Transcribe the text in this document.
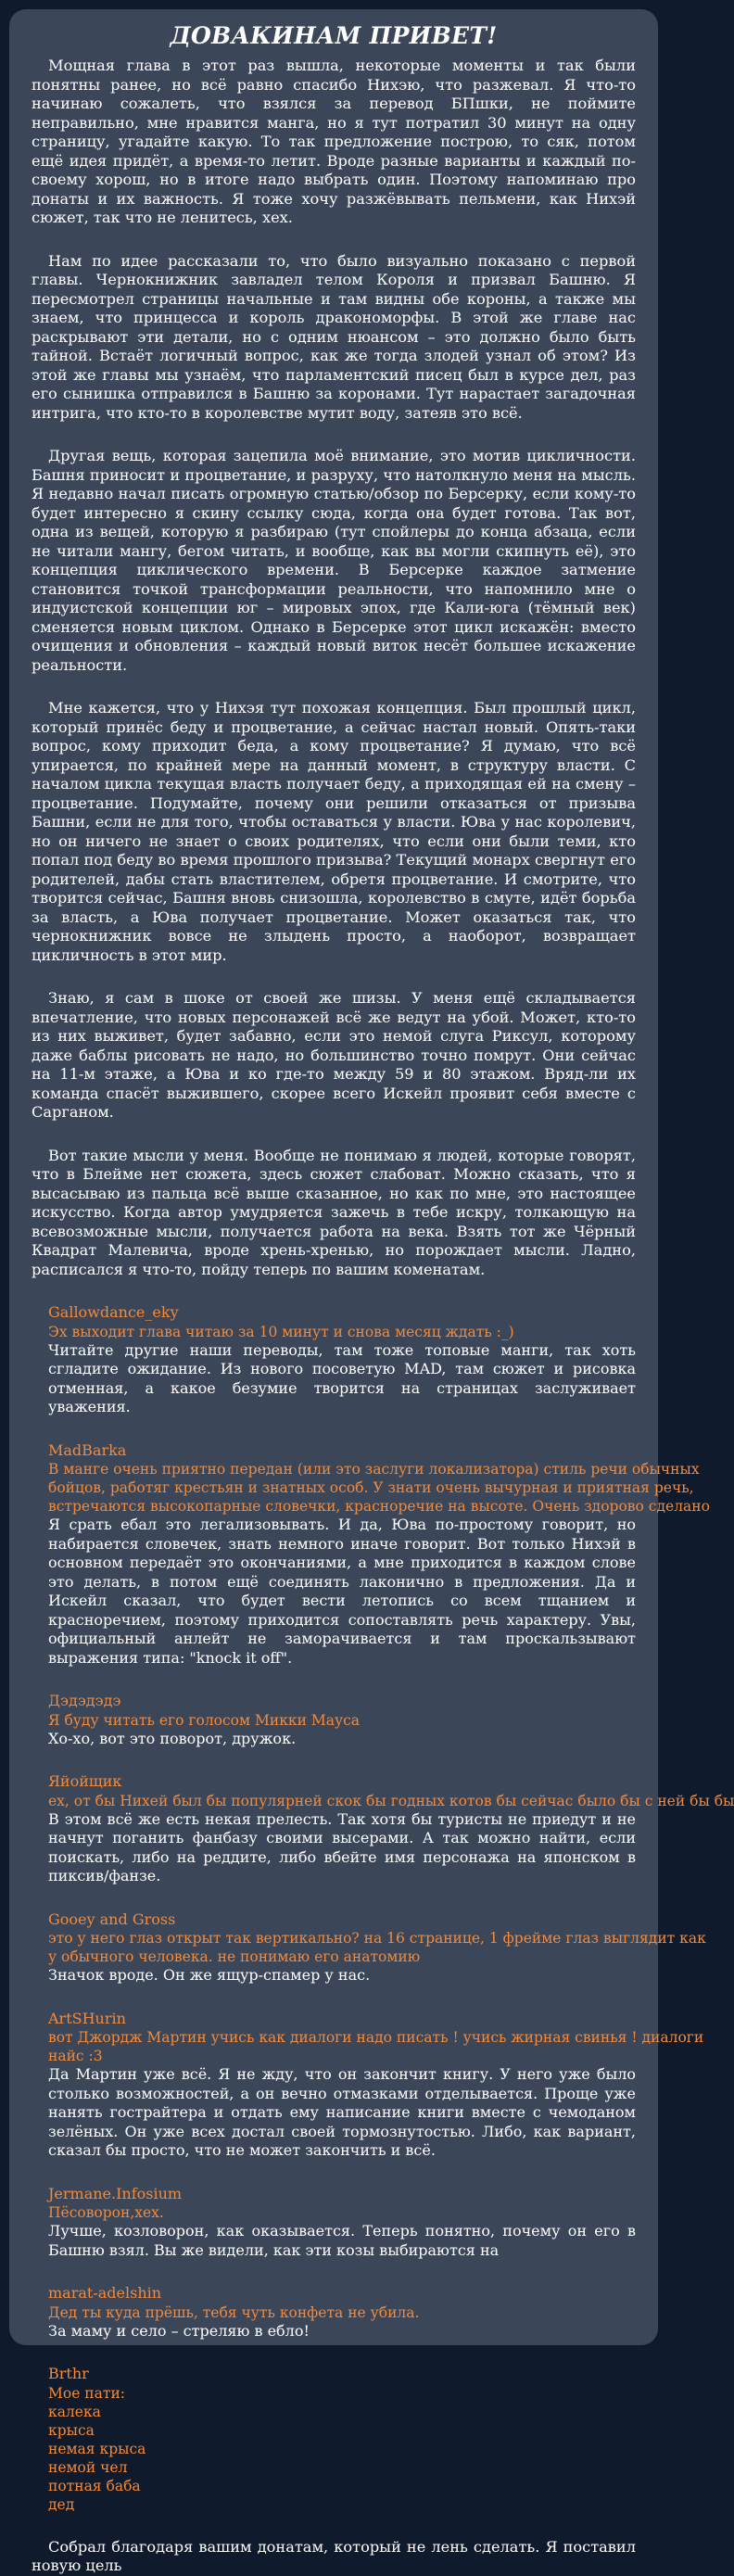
ДОВАКИНАМ ПРИВЕТ!
Мощная глава в этот раз вышла, некоторые моменты и так были понятны ранее, но всё равно спасибо Нихэю, что разжевал. Я что-то начинаю сожалеть, что взялся за перевод БПшки, не поймите неправильно, мне нравится манга, но я тут потратил 30 минут на одну страницу, угадайте какую. То так предложение построю, то сяк, потом ещё идея придёт, а время-то летит. Вроде разные варианты и каждый по-своему хорош, но в итоге надо выбрать один. Поэтому напоминаю про донаты и их важность. Я тоже хочу разжёвывать пельмени, как Нихэй сюжет, так что не ленитесь, хех.
Нам по идее рассказали то, что было визуально показано с первой главы. Чернокнижник завладел телом Короля и призвал Башню. Я пересмотрел страницы начальные и там видны обе короны, а также мы знаем, что принцесса и король дракономорфы. В этой же главе нас раскрывают эти детали, но с одним нюансом – это должно было быть тайной. Встаёт логичный вопрос, как же тогда злодей узнал об этом? Из этой же главы мы узнаём, что парламентский писец был в курсе дел, раз его сынишка отправился в Башню за коронами. Тут нарастает загадочная интрига, что кто-то в королевстве мутит воду, затеяв это всё.
Другая вещь, которая зацепила моё внимание, это мотив цикличности. Башня приносит и процветание, и разруху, что натолкнуло меня на мысль. Я недавно начал писать огромную статью/обзор по Берсерку, если кому-то будет интересно я скину ссылку сюда, когда она будет готова. Так вот, одна из вещей, которую я разбираю (тут спойлеры до конца абзаца, если не читали мангу, бегом читать, и вообще, как вы могли скипнуть её), это концепция циклического времени. В Берсерке каждое затмение становится точкой трансформации реальности, что напомнило мне о индуистской концепции юг – мировых эпох, где Кали-юга (тёмный век) сменяется новым циклом. Однако в Берсерке этот цикл искажён: вместо очищения и обновления – каждый новый виток несёт большее искажение реальности.
Мне кажется, что у Нихэя тут похожая концепция. Был прошлый цикл, который принёс беду и процветание, а сейчас настал новый. Опять-таки вопрос, кому приходит беда, а кому процветание? Я думаю, что всё упирается, по крайней мере на данный момент, в структуру власти. С началом цикла текущая власть получает беду, а приходящая ей на смену – процветание. Подумайте, почему они решили отказаться от призыва Башни, если не для того, чтобы оставаться у власти. Юва у нас королевич, но он ничего не знает о своих родителях, что если они были теми, кто попал под беду во время прошлого призыва? Текущий монарх свергнут его родителей, дабы стать властителем, обретя процветание. И смотрите, что творится сейчас, Башня вновь снизошла, королевство в смуте, идёт борьба за власть, а Юва получает процветание. Может оказаться так, что чернокнижник вовсе не злыдень просто, а наоборот, возвращает цикличность в этот мир.
Знаю, я сам в шоке от своей же шизы. У меня ещё складывается впечатление, что новых персонажей всё же ведут на убой. Может, кто-то из них выживет, будет забавно, если это немой слуга Риксул, которому даже баблы рисовать не надо, но большинство точно помрут. Они сейчас на 11-м этаже, а Юва и ко где-то между 59 и 80 этажом. Вряд-ли их команда спасёт выжившего, скорее всего Искейл проявит себя вместе с Сарганом.
Вот такие мысли у меня. Вообще не понимаю я людей, которые говорят, что в Блейме нет сюжета, здесь сюжет слабоват. Можно сказать, что я высасываю из пальца всё выше сказанное, но как по мне, это настоящее искусство. Когда автор умудряется зажечь в тебе искру, толкающую на всевозможные мысли, получается работа на века. Взять тот же Чёрный Квадрат Малевича, вроде хрень-хренью, но порождает мысли. Ладно, расписался я что-то, пойду теперь по вашим коменатам.
Gallowdance_eky
Эх выходит глава читаю за 10 минут и снова месяц ждать :_)
Читайте другие наши переводы, там тоже топовые манги, так хоть сгладите ожидание. Из нового посоветую MAD, там сюжет и рисовка отменная, а какое безумие творится на страницах заслуживает уважения.
MadBarka
В манге очень приятно передан (или это заслуги локализатора) стиль речи обычных
бойцов, работяг крестьян и знатных особ. У знати очень вычурная и приятная речь,
встречаются высокопарные словечки, красноречие на высоте. Очень здорово сделано
Я срать ебал это легализовывать. И да, Юва по-простому говорит, но набирается словечек, знать немного иначе говорит. Вот только Нихэй в основном передаёт это окончаниями, а мне приходится в каждом слове это делать, в потом ещё соединять лаконично в предложения. Да и Искейл сказал, что будет вести летопись со всем тщанием и красноречием, поэтому приходится сопоставлять речь характеру. Увы, официальный анлейт не заморачивается и там проскальзывают выражения типа: "knock it off".
Дэдэдэдэ
Я буду читать его голосом Микки Мауса
Хо-хо, вот это поворот, дружок.
Яйойщик
ex, от бы Нихей был бы популярней скок бы годных котов бы сейчас было бы с ней бы бы
В этом всё же есть некая прелесть. Так хотя бы туристы не приедут и не начнут поганить фанбазу своими высерами. А так можно найти, если поискать, либо на реддите, либо вбейте имя персонажа на японском в пиксив/фанзе.
Gooey and Gross
это у него глаз открыт так вертикально? на 16 странице, 1 фрейме глаз выглядит как
у обычного человека. не понимаю его анатомию
Значок вроде. Он же ящур-спамер у нас.
ArtSHurin
вот Джордж Мартин учись как диалоги надо писать ! учись жирная свинья ! диалоги
найс :3
Да Мартин уже всё. Я не жду, что он закончит книгу. У него уже было столько возможностей, а он вечно отмазками отделывается. Проще уже нанять гострайтера и отдать ему написание книги вместе с чемоданом зелёных. Он уже всех достал своей тормознутостью. Либо, как вариант, сказал бы просто, что не может закончить и всё.
Jermane.Infosium
Пёсоворон,хех.
Лучше, козловорон, как оказывается. Теперь понятно, почему он его в Башню взял. Вы же видели, как эти козы выбираются на
marat-adelshin
Дед ты куда прёшь, тебя чуть конфета не убила.
За маму и село – стреляю в ебло!
Brthr
Мое пати:
калека
крыса
немая крыса
немой чел
потная баба
дед
Собрал благодаря вашим донатам, который не лень сделать. Я поставил новую цель
